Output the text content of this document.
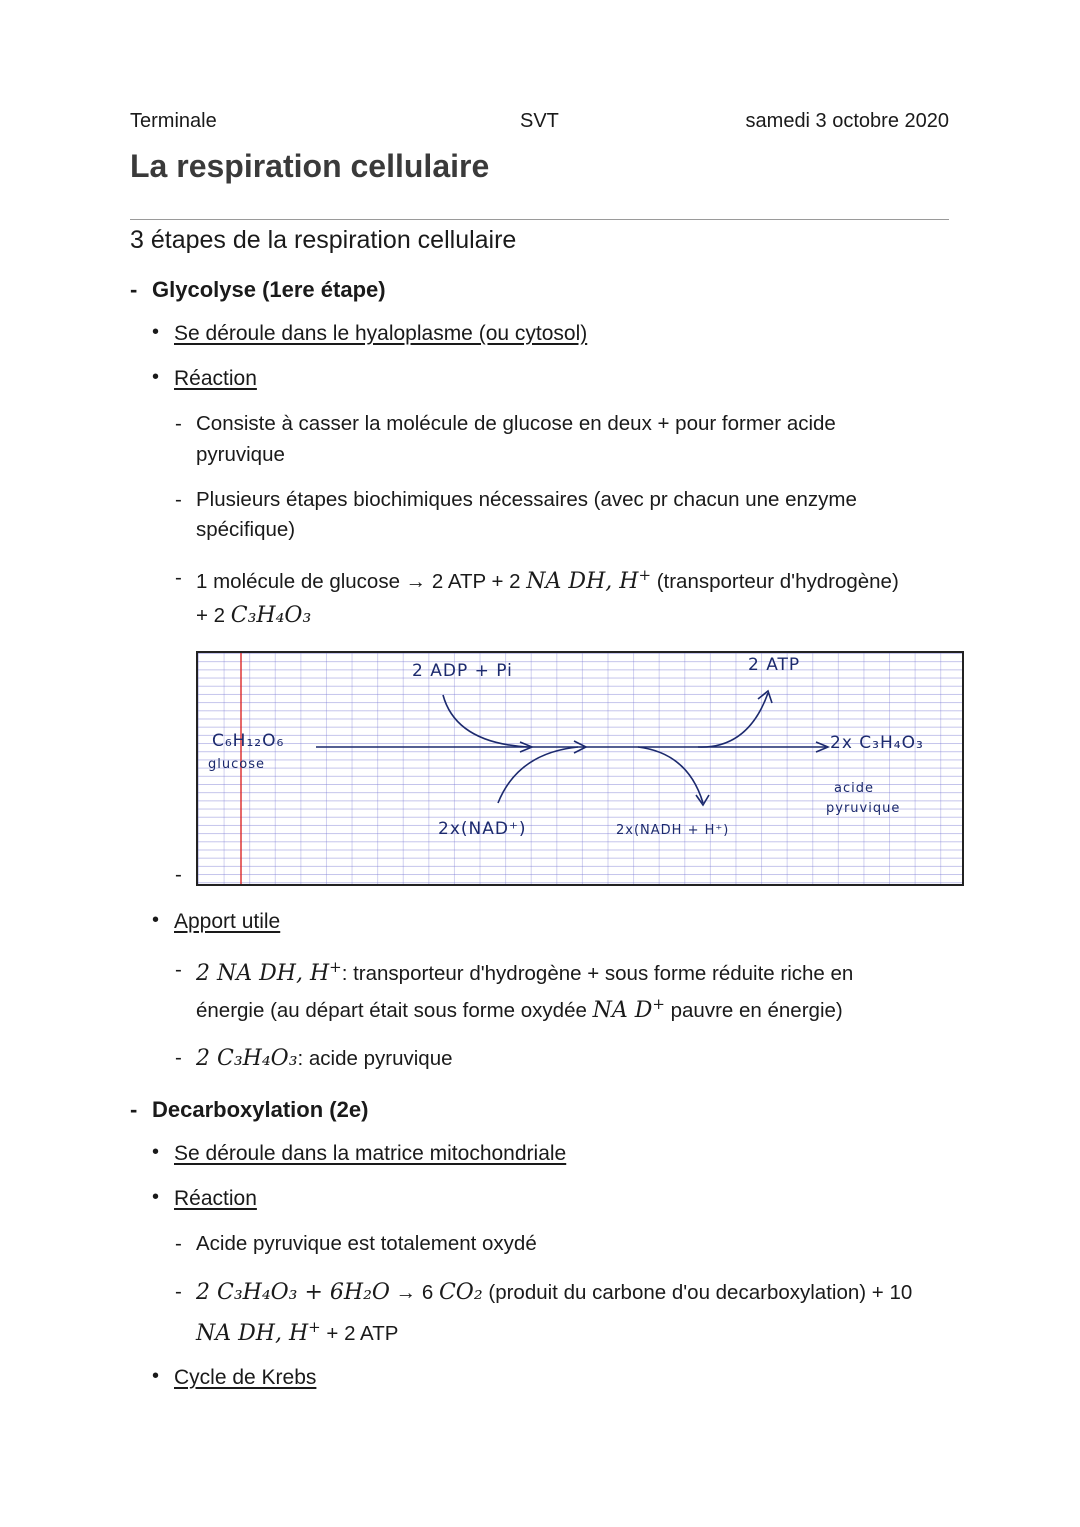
Terminale	SVT	samedi 3 octobre 2020
La respiration cellulaire
3 étapes de la respiration cellulaire
- Glycolyse (1ere étape)
• Se déroule dans le hyaloplasme (ou cytosol)
• Réaction
- Consiste à casser la molécule de glucose en deux + pour former acide
pyruvique
- Plusieurs étapes biochimiques nécessaires (avec pr chacun une enzyme
spécifique)
- 1 molécule de glucose → 2 ATP + 2 NA DH, H+ (transporteur d'hydrogène)
+ 2 C₃H₄O₃
C₆H₁₂O₆
glucose
2 ADP + Pi	2 ATP
2x(NAD⁺)	2x(NADH + H⁺)
2x C₃H₄O₃
acide
pyruvique
-
• Apport utile
- 2 NA DH, H+: transporteur d'hydrogène + sous forme réduite riche en
énergie (au départ était sous forme oxydée NA D+ pauvre en énergie)
- 2 C₃H₄O₃: acide pyruvique
- Decarboxylation (2e)
• Se déroule dans la matrice mitochondriale
• Réaction
- Acide pyruvique est totalement oxydé
- 2 C₃H₄O₃ + 6H₂O → 6 CO₂ (produit du carbone d'ou decarboxylation) + 10
NA DH, H+ + 2 ATP
• Cycle de Krebs
